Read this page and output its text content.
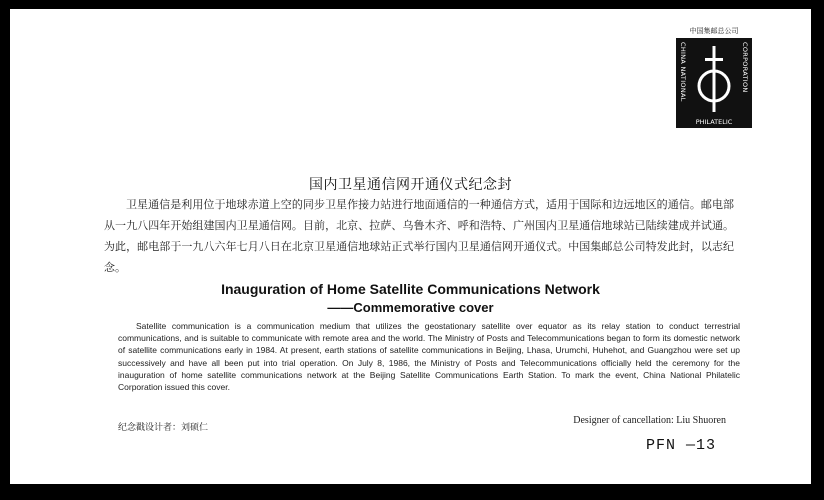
中国集邮总公司
CHINA NATIONAL	CORPORATION
PHILATELIC
国内卫星通信网开通仪式纪念封
卫星通信是利用位于地球赤道上空的同步卫星作接力站进行地面通信的一种通信方式，适用于国际和边远地区的通信。邮电部从一九八四年开始组建国内卫星通信网。目前，北京、拉萨、乌鲁木齐、呼和浩特、广州国内卫星通信地球站已陆续建成并试通。为此，邮电部于一九八六年七月八日在北京卫星通信地球站正式举行国内卫星通信网开通仪式。中国集邮总公司特发此封，以志纪念。
Inauguration of Home Satellite Communications Network
——Commemorative cover
Satellite communication is a communication medium that utilizes the geostationary satellite over equator as its relay station to conduct terrestrial communications, and is suitable to communicate with remote area and the world. The Ministry of Posts and Telecommunications began to form its domestic network of satellite communications early in 1984. At present, earth stations of satellite communications in Beijing, Lhasa, Urumchi, Huhehot, and Guangzhou were set up successively and have all been put into trial operation. On July 8, 1986, the Ministry of Posts and Telecommunications officially held the ceremony for the inauguration of home satellite communications network at the Beijing Satellite Communications Earth Station. To mark the event, China National Philatelic Corporation issued this cover.
纪念戳设计者：刘硕仁
Designer of cancellation: Liu Shuoren
PFN —13
